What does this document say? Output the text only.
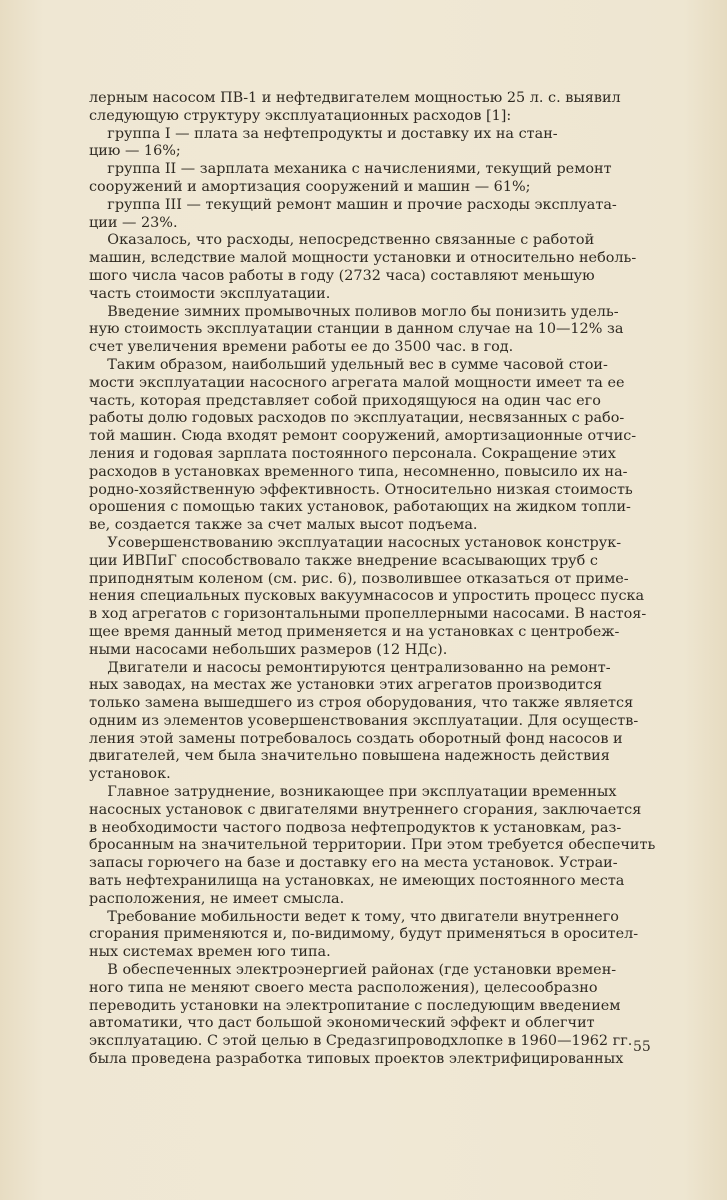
лерным насосом ПВ-1 и нефтедвигателем мощностью 25 л. с. выявил
следующую структуру эксплуатационных расходов [1]:
группа I — плата за нефтепродукты и доставку их на стан-
цию — 16%;
группа II — зарплата механика с начислениями, текущий ремонт
сооружений и амортизация сооружений и машин — 61%;
группа III — текущий ремонт машин и прочие расходы эксплуата-
ции — 23%.
Оказалось, что расходы, непосредственно связанные с работой
машин, вследствие малой мощности установки и относительно неболь-
шого числа часов работы в году (2732 часа) составляют меньшую
часть стоимости эксплуатации.
Введение зимних промывочных поливов могло бы понизить удель-
ную стоимость эксплуатации станции в данном случае на 10—12% за
счет увеличения времени работы ее до 3500 час. в год.
Таким образом, наибольший удельный вес в сумме часовой стои-
мости эксплуатации насосного агрегата малой мощности имеет та ее
часть, которая представляет собой приходящуюся на один час его
работы долю годовых расходов по эксплуатации, несвязанных с рабо-
той машин. Сюда входят ремонт сооружений, амортизационные отчис-
ления и годовая зарплата постоянного персонала. Сокращение этих
расходов в установках временного типа, несомненно, повысило их на-
родно-хозяйственную эффективность. Относительно низкая стоимость
орошения с помощью таких установок, работающих на жидком топли-
ве, создается также за счет малых высот подъема.
Усовершенствованию эксплуатации насосных установок конструк-
ции ИВПиГ способствовало также внедрение всасывающих труб с
приподнятым коленом (см. рис. 6), позволившее отказаться от приме-
нения специальных пусковых вакуумнасосов и упростить процесс пуска
в ход агрегатов с горизонтальными пропеллерными насосами. В настоя-
щее время данный метод применяется и на установках с центробеж-
ными насосами небольших размеров (12 НДс).
Двигатели и насосы ремонтируются централизованно на ремонт-
ных заводах, на местах же установки этих агрегатов производится
только замена вышедшего из строя оборудования, что также является
одним из элементов усовершенствования эксплуатации. Для осуществ-
ления этой замены потребовалось создать оборотный фонд насосов и
двигателей, чем была значительно повышена надежность действия
установок.
Главное затруднение, возникающее при эксплуатации временных
насосных установок с двигателями внутреннего сгорания, заключается
в необходимости частого подвоза нефтепродуктов к установкам, раз-
бросанным на значительной территории. При этом требуется обеспечить
запасы горючего на базе и доставку его на места установок. Устраи-
вать нефтехранилища на установках, не имеющих постоянного места
расположения, не имеет смысла.
Требование мобильности ведет к тому, что двигатели внутреннего
сгорания применяются и, по-видимому, будут применяться в оросител-
ных системах времен юго типа.
В обеспеченных электроэнергией районах (где установки времен-
ного типа не меняют своего места расположения), целесообразно
переводить установки на электропитание с последующим введением
автоматики, что даст большой экономический эффект и облегчит
эксплуатацию. С этой целью в Средазгипроводхлопке в 1960—1962 гг.
была проведена разработка типовых проектов электрифицированных
55
